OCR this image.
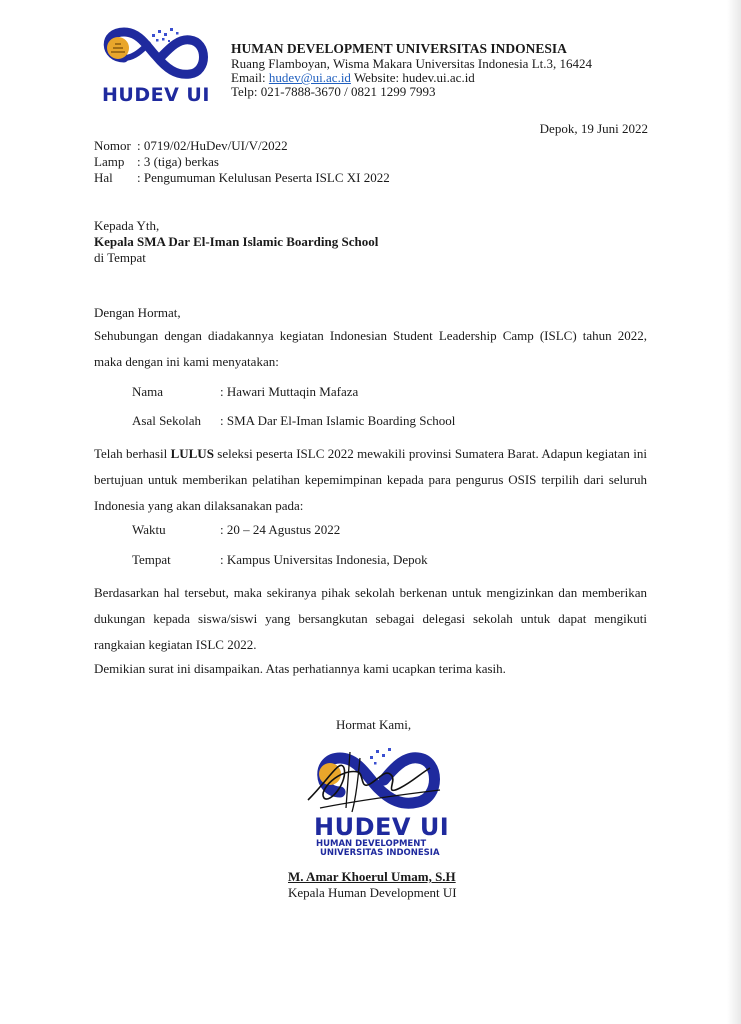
HUDEV UI
HUMAN DEVELOPMENT UNIVERSITAS INDONESIA
Ruang Flamboyan, Wisma Makara Universitas Indonesia Lt.3, 16424
Email: hudev@ui.ac.id Website: hudev.ui.ac.id
Telp: 021-7888-3670 / 0821 1299 7993
Depok, 19 Juni 2022
Nomor : 0719/02/HuDev/UI/V/2022
Lamp : 3 (tiga) berkas
Hal : Pengumuman Kelulusan Peserta ISLC XI 2022
Kepada Yth,
Kepala SMA Dar El-Iman Islamic Boarding School
di Tempat
Dengan Hormat,
Sehubungan dengan diadakannya kegiatan Indonesian Student Leadership Camp (ISLC) tahun 2022, maka dengan ini kami menyatakan:
Nama	: Hawari Muttaqin Mafaza
Asal Sekolah : SMA Dar El-Iman Islamic Boarding School
Telah berhasil LULUS seleksi peserta ISLC 2022 mewakili provinsi Sumatera Barat. Adapun kegiatan ini bertujuan untuk memberikan pelatihan kepemimpinan kepada para pengurus OSIS terpilih dari seluruh Indonesia yang akan dilaksanakan pada:
Waktu	: 20 – 24 Agustus 2022
Tempat	: Kampus Universitas Indonesia, Depok
Berdasarkan hal tersebut, maka sekiranya pihak sekolah berkenan untuk mengizinkan dan memberikan dukungan kepada siswa/siswi yang bersangkutan sebagai delegasi sekolah untuk dapat mengikuti rangkaian kegiatan ISLC 2022.
Demikian surat ini disampaikan. Atas perhatiannya kami ucapkan terima kasih.
Hormat Kami,
HUDEV UI
HUMAN DEVELOPMENT
UNIVERSITAS INDONESIA
M. Amar Khoerul Umam, S.H
Kepala Human Development UI
